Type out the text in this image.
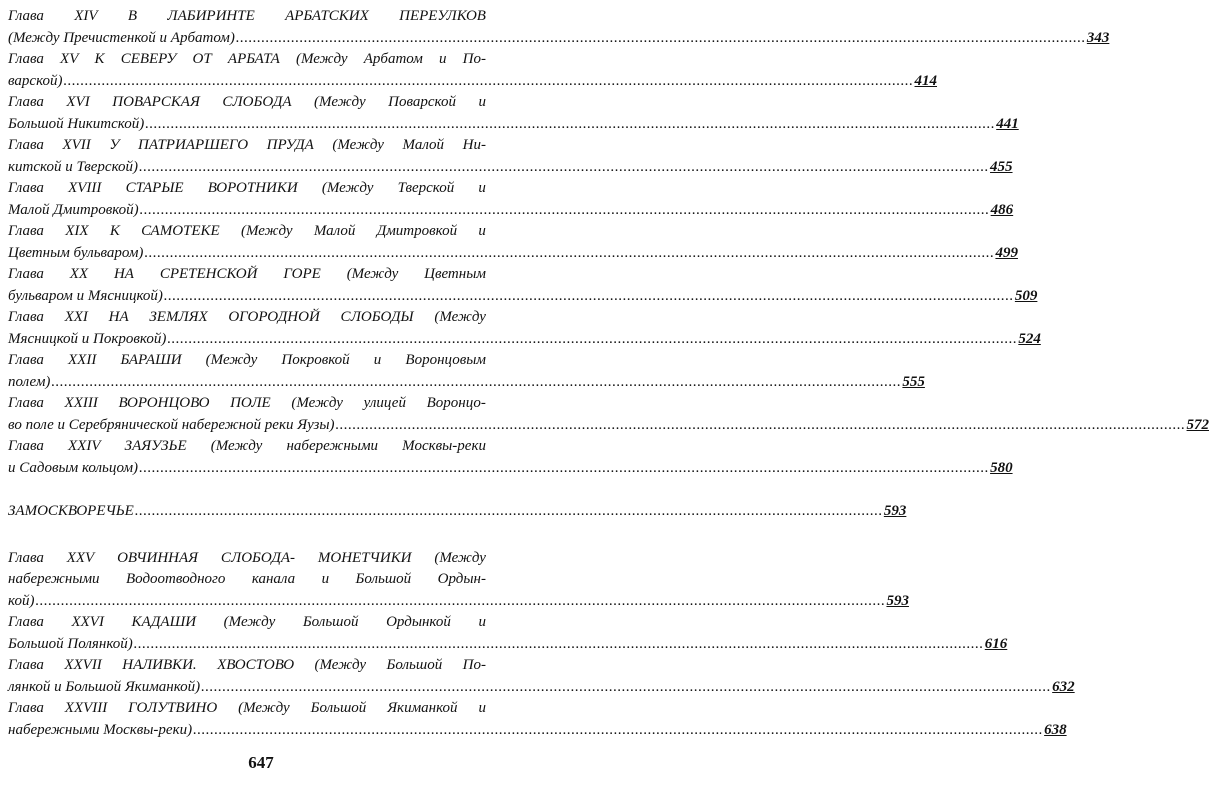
Глава XIV В ЛАБИРИНТЕ АРБАТСКИХ ПЕРЕУЛКОВ
(Между Пречистенкой и Арбатом) ........................................................................................................................................................................................................ 343
Глава XV К СЕВЕРУ ОТ АРБАТА (Между Арбатом и По-
варской) ........................................................................................................................................................................................................ 414
Глава XVI ПОВАРСКАЯ СЛОБОДА (Между Поварской и
Большой Никитской) ........................................................................................................................................................................................................ 441
Глава XVII У ПАТРИАРШЕГО ПРУДА (Между Малой Ни-
китской и Тверской) ........................................................................................................................................................................................................ 455
Глава XVIII СТАРЫЕ ВОРОТНИКИ (Между Тверской и
Малой Дмитровкой) ........................................................................................................................................................................................................ 486
Глава XIX К САМОТЕКЕ (Между Малой Дмитровкой и
Цветным бульваром) ........................................................................................................................................................................................................ 499
Глава XX НА СРЕТЕНСКОЙ ГОРЕ (Между Цветным
бульваром и Мясницкой) ........................................................................................................................................................................................................ 509
Глава XXI НА ЗЕМЛЯХ ОГОРОДНОЙ СЛОБОДЫ (Между
Мясницкой и Покровкой) ........................................................................................................................................................................................................ 524
Глава XXII БАРАШИ (Между Покровкой и Воронцовым
полем) ........................................................................................................................................................................................................ 555
Глава XXIII ВОРОНЦОВО ПОЛЕ (Между улицей Воронцо-
во поле и Серебрянической набережной реки Яузы) ........................................................................................................................................................................................................ 572
Глава XXIV ЗАЯУЗЬЕ (Между набережными Москвы-реки
и Садовым кольцом) ........................................................................................................................................................................................................ 580
ЗАМОСКВОРЕЧЬЕ ................................................................................................................................................................................ 593
Глава XXV ОВЧИННАЯ СЛОБОДА- МОНЕТЧИКИ (Между
набережными Водоотводного канала и Большой Ордын-
кой) ........................................................................................................................................................................................................ 593
Глава XXVI КАДАШИ (Между Большой Ордынкой и
Большой Полянкой) ........................................................................................................................................................................................................ 616
Глава XXVII НАЛИВКИ. ХВОСТОВО (Между Большой По-
лянкой и Большой Якиманкой) ........................................................................................................................................................................................................ 632
Глава XXVIII ГОЛУТВИНО (Между Большой Якиманкой и
набережными Москвы-реки) ........................................................................................................................................................................................................ 638
647
